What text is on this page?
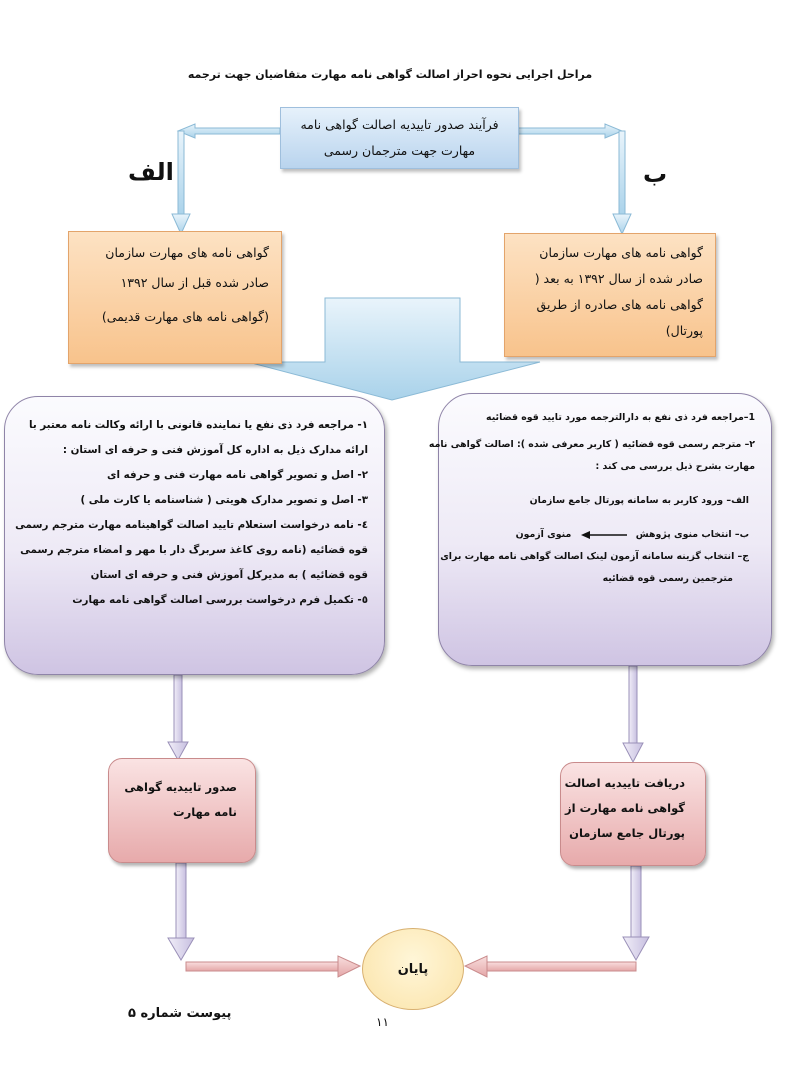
مراحل اجرایی نحوه احراز اصالت گواهی نامه مهارت متقاضیان جهت ترجمه
فرآیند صدور تاییدیه اصالت گواهی نامه
مهارت جهت مترجمان رسمی
الف	ب
گواهی نامه های مهارت سازمان
صادر شده قبل از سال ۱۳۹۲
(گواهی نامه های مهارت قدیمی)
گواهی نامه های مهارت سازمان
صادر شده از سال ۱۳۹۲ به بعد (
گواهی نامه های صادره از طریق
پورتال)
۱- مراجعه فرد ذی نفع یا نماینده قانونی با ارائه وکالت نامه معتبر با
ارائه مدارک ذیل به اداره کل آموزش فنی و حرفه ای استان :
۲- اصل و تصویر گواهی نامه مهارت فنی و حرفه ای
۳- اصل و تصویر مدارک هویتی ( شناسنامه یا کارت ملی )
٤- نامه درخواست استعلام تایید اصالت گواهینامه مهارت مترجم رسمی
قوه قضائیه (نامه روی کاغذ سربرگ دار با مهر و امضاء مترجم رسمی
قوه قضائیه ) به مدیرکل آموزش فنی و حرفه ای استان
٥- تکمیل فرم درخواست بررسی اصالت گواهی نامه مهارت
1–مراجعه فرد ذی نفع به دارالترجمه مورد تایید قوه قضائیه
۲– مترجم رسمی قوه قضائیه ( کاربر معرفی شده ): اصالت گواهی نامه
مهارت بشرح ذیل بررسی می کند :
الف– ورود کاربر به سامانه پورتال جامع سازمان
ب– انتخاب منوی پژوهش  منوی آزمون
ج– انتخاب گزینه سامانه آزمون لینک اصالت گواهی نامه مهارت برای
مترجمین رسمی قوه قضائیه
صدور تاییدیه گواهی
نامه مهارت
دریافت تاییدیه اصالت
گواهی نامه مهارت از
پورتال جامع سازمان
پایان
پیوست شماره ۵
۱۱
